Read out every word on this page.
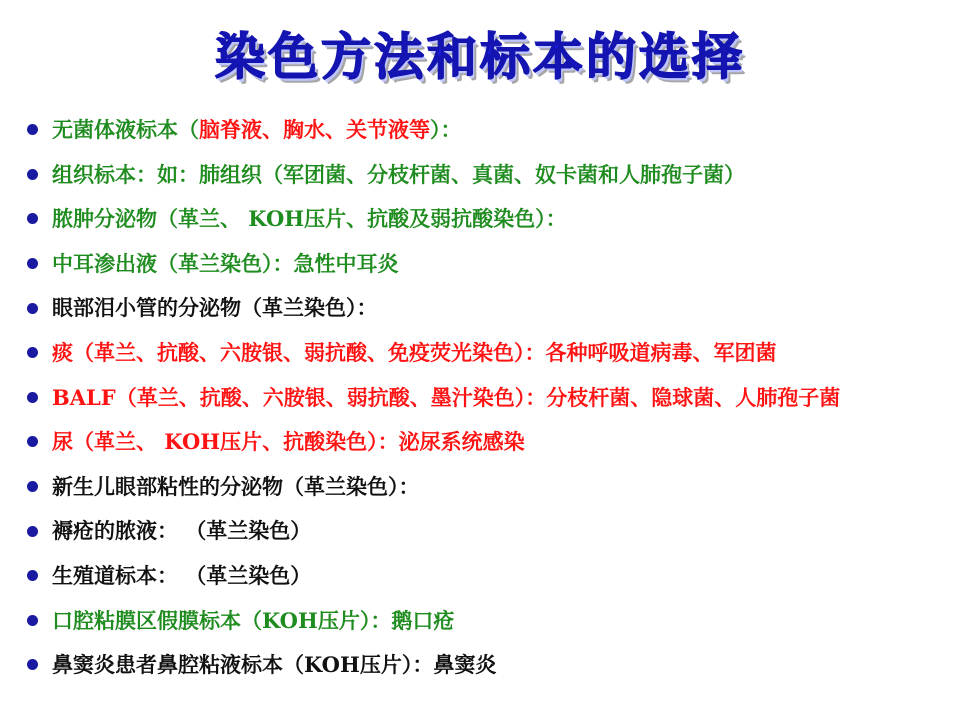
染色方法和标本的选择
无菌体液标本（脑脊液、胸水、关节液等）：
组织标本：如：肺组织（军团菌、分枝杆菌、真菌、奴卡菌和人肺孢子菌）
脓肿分泌物（革兰、 KOH压片、抗酸及弱抗酸染色）：
中耳渗出液（革兰染色）：急性中耳炎
眼部泪小管的分泌物（革兰染色）：
痰（革兰、抗酸、六胺银、弱抗酸、免疫荧光染色）：各种呼吸道病毒、军团菌
BALF（革兰、抗酸、六胺银、弱抗酸、墨汁染色）：分枝杆菌、隐球菌、人肺孢子菌
尿（革兰、 KOH压片、抗酸染色）：泌尿系统感染
新生儿眼部粘性的分泌物（革兰染色）：
褥疮的脓液： （革兰染色）
生殖道标本： （革兰染色）
口腔粘膜区假膜标本（KOH压片）：鹅口疮
鼻窦炎患者鼻腔粘液标本（KOH压片）：鼻窦炎
